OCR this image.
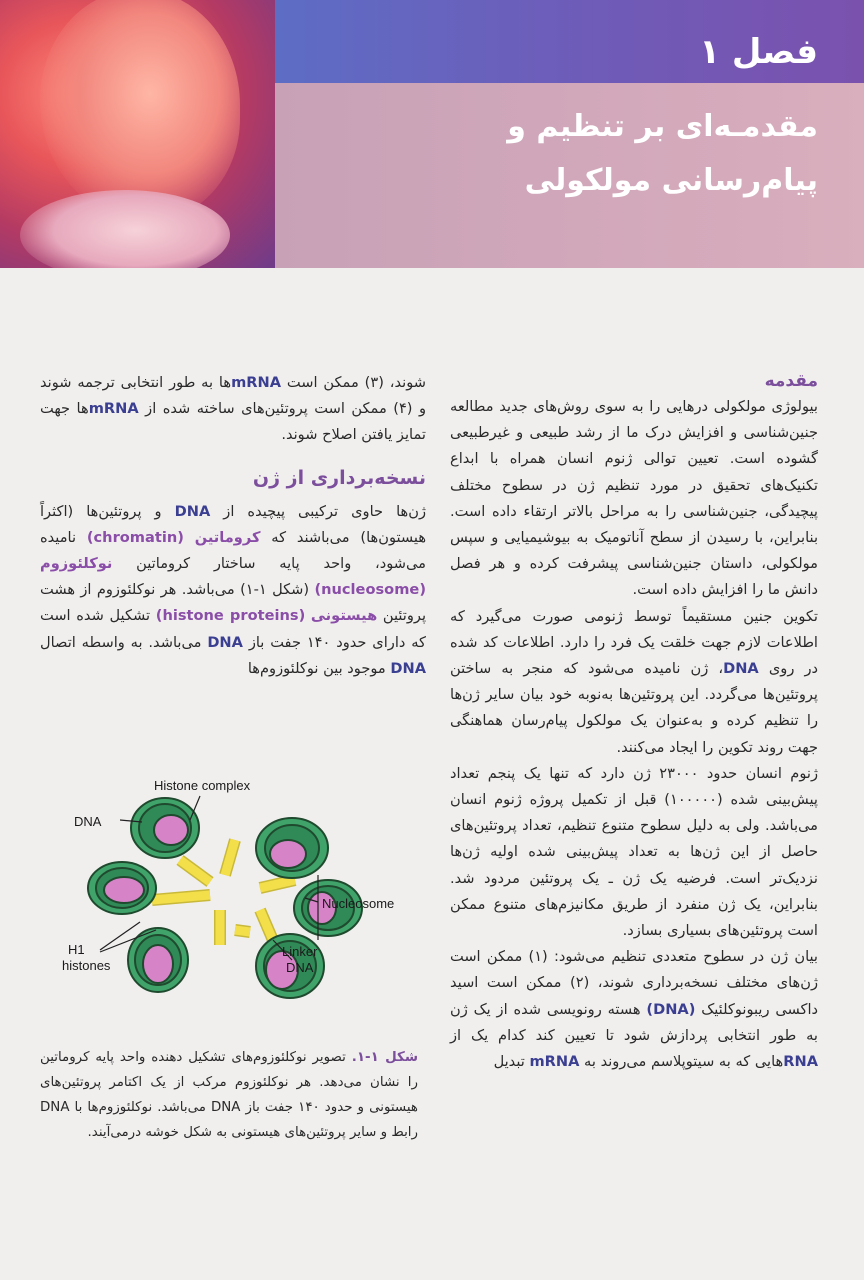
فصل ۱
مقدمـه‌ای بر تنظیم و پیام‌رسانی مولکولی
مقدمه

بیولوژی مولکولی درهایی را به سوی روش‌های جدید مطالعه جنین‌شناسی و افزایش درک ما از رشد طبیعی و غیرطبیعی گشوده است. تعیین توالی ژنوم انسان همراه با ابداع تکنیک‌های تحقیق در مورد تنظیم ژن در سطوح مختلف پیچیدگی، جنین‌شناسی را به مراحل بالاتر ارتقاء داده است. بنابراین، با رسیدن از سطح آناتومیک به بیوشیمیایی و سپس مولکولی، داستان جنین‌شناسی پیشرفت کرده و هر فصل دانش ما را افزایش داده است.

تکوین جنین مستقیماً توسط ژنومی صورت می‌گیرد که اطلاعات لازم جهت خلقت یک فرد را دارد. اطلاعات کد شده در روی DNA، ژن نامیده می‌شود که منجر به ساختن پروتئین‌ها می‌گردد. این پروتئین‌ها به‌نوبه خود بیان سایر ژن‌ها را تنظیم کرده و به‌عنوان یک مولکول پیام‌رسان هماهنگی جهت روند تکوین را ایجاد می‌کنند.

ژنوم انسان حدود ۲۳۰۰۰ ژن دارد که تنها یک پنجم تعداد پیش‌بینی شده (۱۰۰۰۰۰) قبل از تکمیل پروژه ژنوم انسان می‌باشد. ولی به دلیل سطوح متنوع تنظیم، تعداد پروتئین‌های حاصل از این ژن‌ها به تعداد پیش‌بینی شده اولیه ژن‌ها نزدیک‌تر است. فرضیه یک ژن ـ یک پروتئین مردود شد. بنابراین، یک ژن منفرد از طریق مکانیزم‌های متنوع ممکن است پروتئین‌های بسیاری بسازد.

بیان ژن در سطوح متعددی تنظیم می‌شود: (۱) ممکن است ژن‌های مختلف نسخه‌برداری شوند، (۲) ممکن است اسید داکسی ریبونوکلئیک (DNA) هسته رونویسی شده از یک ژن به طور انتخابی پردازش شود تا تعیین کند کدام یک از RNAهایی که به سیتوپلاسم می‌روند به mRNA تبدیل

شوند، (۳) ممکن است mRNAها به طور انتخابی ترجمه شوند و (۴) ممکن است پروتئین‌های ساخته شده از mRNAها جهت تمایز یافتن اصلاح شوند.

نسخه‌برداری از ژن

ژن‌ها حاوی ترکیبی پیچیده از DNA و پروتئین‌ها (اکثراً هیستون‌ها) می‌باشند که کروماتین (chromatin) نامیده می‌شود، واحد پایه ساختار کروماتین نوکلئوزوم (nucleosome) (شکل ۱-۱) می‌باشد. هر نوکلئوزوم از هشت پروتئین هیستونی (histone proteins) تشکیل شده است که دارای حدود ۱۴۰ جفت باز DNA می‌باشد. به واسطه اتصال DNA موجود بین نوکلئوزوم‌ها

Histone complex
DNA
Nucleosome
H1
histones
Linker
DNA
شکل ۱-۱. تصویر نوکلئوزوم‌های تشکیل دهنده واحد پایه کروماتین را نشان می‌دهد. هر نوکلئوزوم مرکب از یک اکتامر پروتئین‌های هیستونی و حدود ۱۴۰ جفت باز DNA می‌باشد. نوکلئوزوم‌ها با DNA رابط و سایر پروتئین‌های هیستونی به شکل خوشه درمی‌آیند.
